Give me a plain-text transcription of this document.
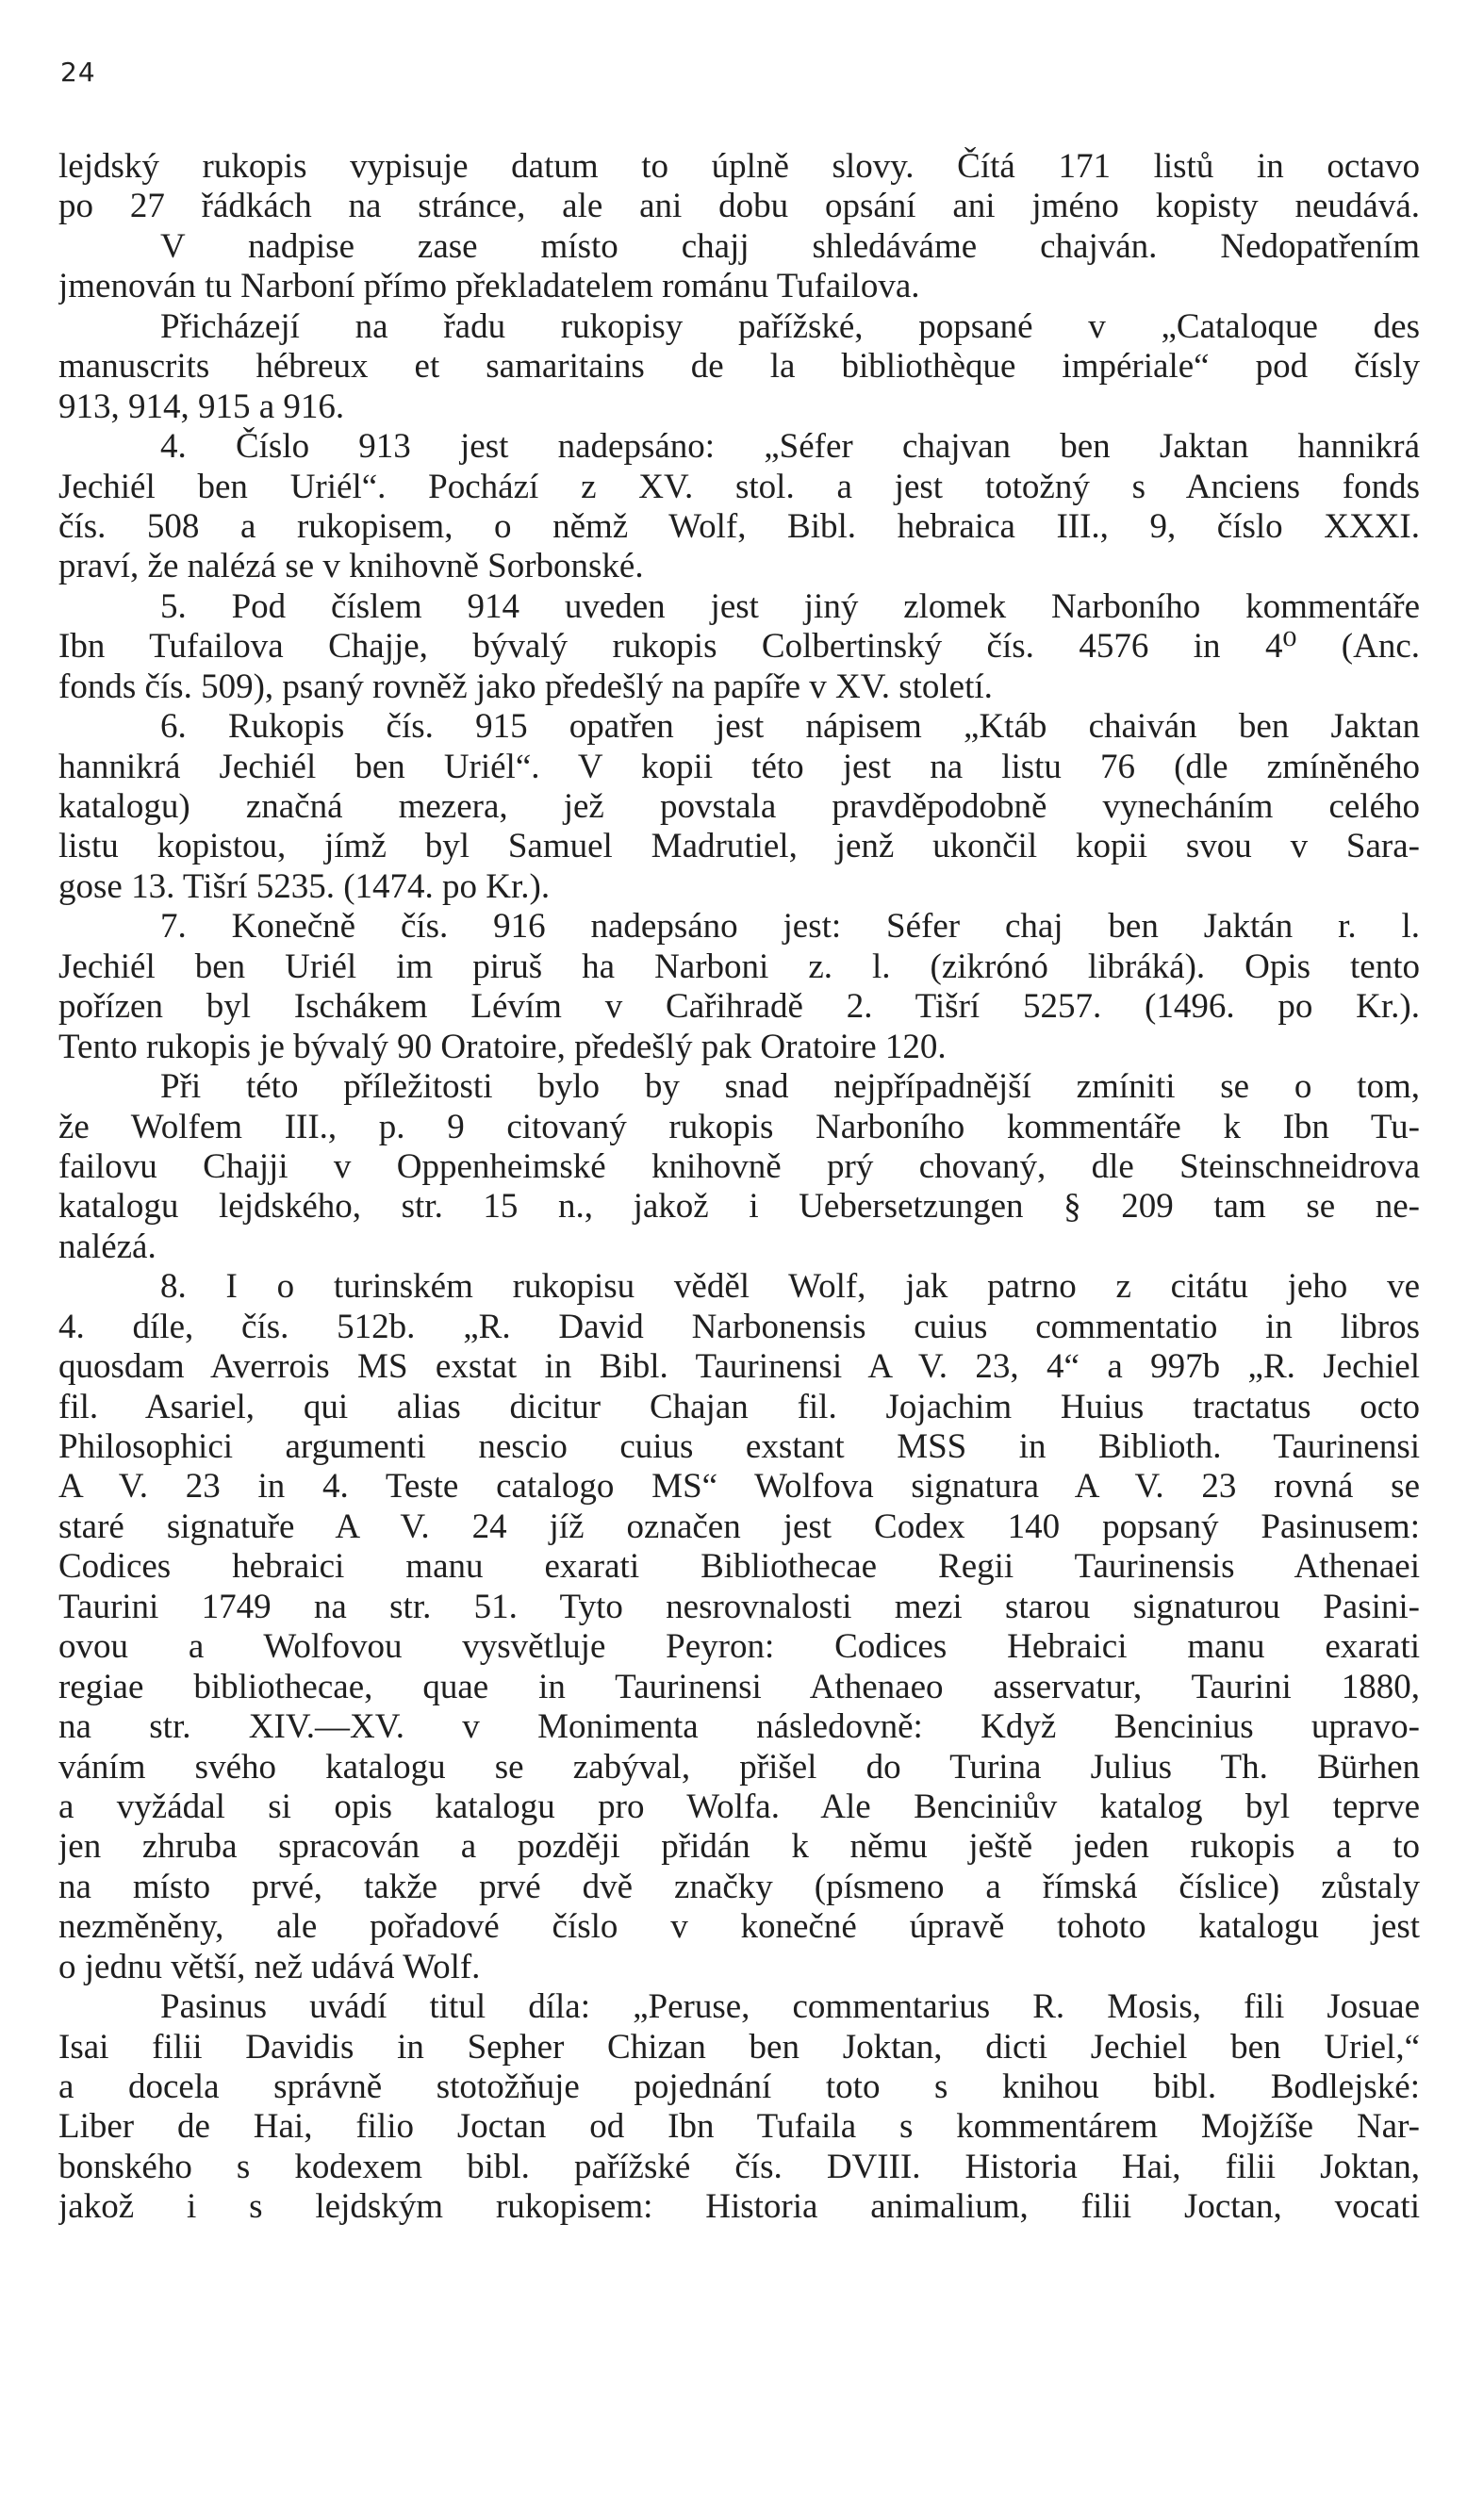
24
lejdský rukopis vypisuje datum to úplně slovy. Čítá 171 listů in octavo
po 27 řádkách na stránce, ale ani dobu opsání ani jméno kopisty neudává.
V nadpise zase místo chajj shledáváme chajván. Nedopatřením
jmenován tu Narboní přímo překladatelem románu Tufailova.
Přicházejí na řadu rukopisy pařížské, popsané v „Cataloque des
manuscrits hébreux et samaritains de la bibliothèque impériale“ pod čísly
913, 914, 915 a 916.
4. Číslo 913 jest nadepsáno: „Séfer chajvan ben Jaktan hannikrá
Jechiél ben Uriél“. Pochází z XV. stol. a jest totožný s Anciens fonds
čís. 508 a rukopisem, o němž Wolf, Bibl. hebraica III., 9, číslo XXXI.
praví, že nalézá se v knihovně Sorbonské.
5. Pod číslem 914 uveden jest jiný zlomek Narboního kommentáře
Ibn Tufailova Chajje, bývalý rukopis Colbertinský čís. 4576 in 4⁰ (Anc.
fonds čís. 509), psaný rovněž jako předešlý na papíře v XV. století.
6. Rukopis čís. 915 opatřen jest nápisem „Ktáb chaiván ben Jaktan
hannikrá Jechiél ben Uriél“. V kopii této jest na listu 76 (dle zmíněného
katalogu) značná mezera, jež povstala pravděpodobně vynecháním celého
listu kopistou, jímž byl Samuel Madrutiel, jenž ukončil kopii svou v Sara-
gose 13. Tišrí 5235. (1474. po Kr.).
7. Konečně čís. 916 nadepsáno jest: Séfer chaj ben Jaktán r. l.
Jechiél ben Uriél im piruš ha Narboni z. l. (zikrónó libráká). Opis tento
pořízen byl Ischákem Lévím v Cařihradě 2. Tišrí 5257. (1496. po Kr.).
Tento rukopis je bývalý 90 Oratoire, předešlý pak Oratoire 120.
Při této příležitosti bylo by snad nejpřípadnější zmíniti se o tom,
že Wolfem III., p. 9 citovaný rukopis Narboního kommentáře k Ibn Tu-
failovu Chajji v Oppenheimské knihovně prý chovaný, dle Steinschneidrova
katalogu lejdského, str. 15 n., jakož i Uebersetzungen § 209 tam se ne-
nalézá.
8. I o turinském rukopisu věděl Wolf, jak patrno z citátu jeho ve
4. díle, čís. 512b. „R. David Narbonensis cuius commentatio in libros
quosdam Averrois MS exstat in Bibl. Taurinensi A V. 23, 4“ a 997b „R. Jechiel
fil. Asariel, qui alias dicitur Chajan fil. Jojachim Huius tractatus octo
Philosophici argumenti nescio cuius exstant MSS in Biblioth. Taurinensi
A V. 23 in 4. Teste catalogo MS“ Wolfova signatura A V. 23 rovná se
staré signatuře A V. 24 jíž označen jest Codex 140 popsaný Pasinusem:
Codices hebraici manu exarati Bibliothecae Regii Taurinensis Athenaei
Taurini 1749 na str. 51. Tyto nesrovnalosti mezi starou signaturou Pasini-
ovou a Wolfovou vysvětluje Peyron: Codices Hebraici manu exarati
regiae bibliothecae, quae in Taurinensi Athenaeo asservatur, Taurini 1880,
na str. XIV.—XV. v Monimenta následovně: Když Bencinius upravo-
váním svého katalogu se zabýval, přišel do Turina Julius Th. Bürhen
a vyžádal si opis katalogu pro Wolfa. Ale Benciniův katalog byl teprve
jen zhruba spracován a později přidán k němu ještě jeden rukopis a to
na místo prvé, takže prvé dvě značky (písmeno a římská číslice) zůstaly
nezměněny, ale pořadové číslo v konečné úpravě tohoto katalogu jest
o jednu větší, než udává Wolf.
Pasinus uvádí titul díla: „Peruse, commentarius R. Mosis, fili Josuae
Isai filii Davidis in Sepher Chizan ben Joktan, dicti Jechiel ben Uriel,“
a docela správně stotožňuje pojednání toto s knihou bibl. Bodlejské:
Liber de Hai, filio Joctan od Ibn Tufaila s kommentárem Mojžíše Nar-
bonského s kodexem bibl. pařížské čís. DVIII. Historia Hai, filii Joktan,
jakož i s lejdským rukopisem: Historia animalium, filii Joctan, vocati
